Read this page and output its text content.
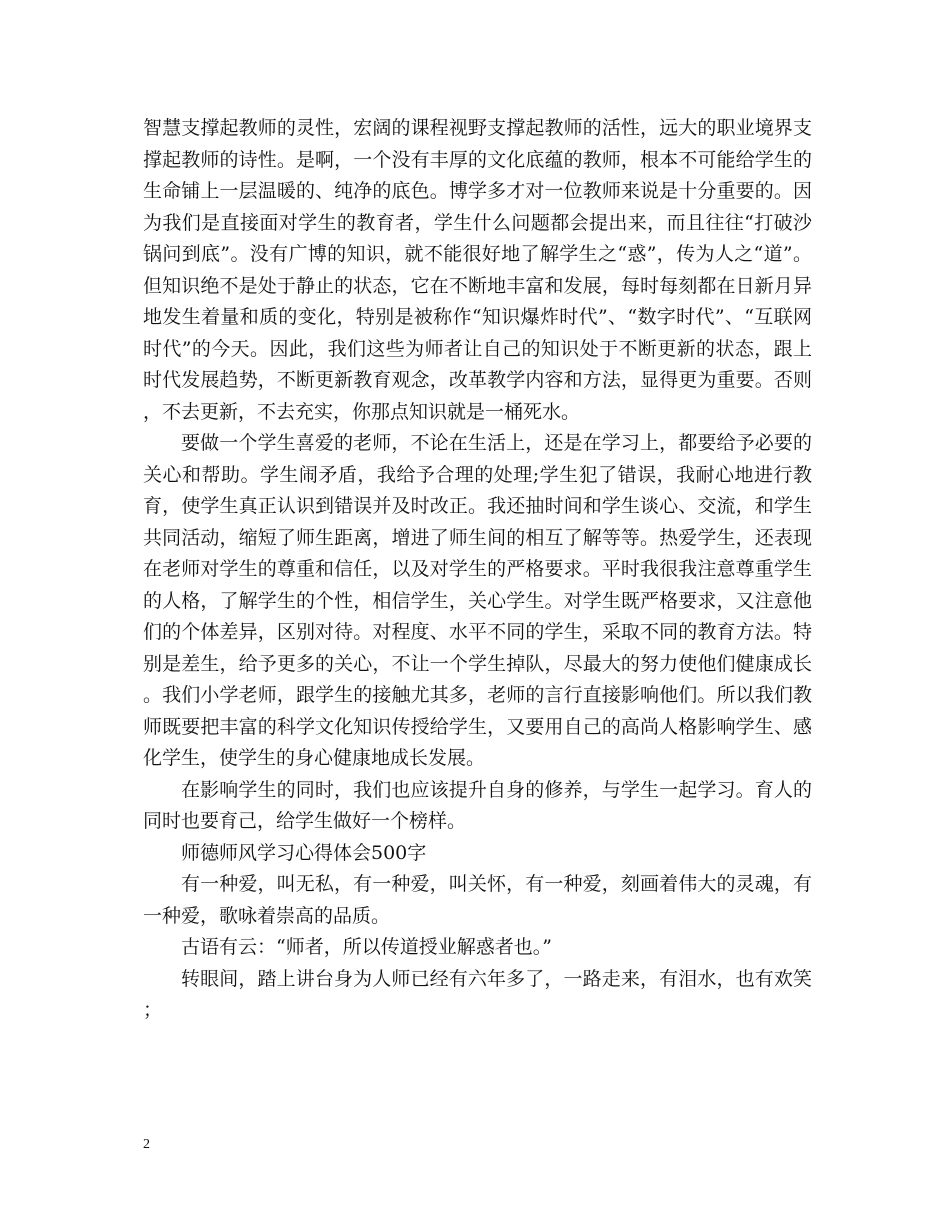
智慧支撑起教师的灵性，宏阔的课程视野支撑起教师的活性，远大的职业境界支撑起教师的诗性。是啊，一个没有丰厚的文化底蕴的教师，根本不可能给学生的生命铺上一层温暖的、纯净的底色。博学多才对一位教师来说是十分重要的。因为我们是直接面对学生的教育者，学生什么问题都会提出来，而且往往“打破沙锅问到底”。没有广博的知识，就不能很好地了解学生之“惑”，传为人之“道”。但知识绝不是处于静止的状态，它在不断地丰富和发展，每时每刻都在日新月异地发生着量和质的变化，特别是被称作“知识爆炸时代”、“数字时代”、“互联网时代”的今天。因此，我们这些为师者让自己的知识处于不断更新的状态，跟上时代发展趋势，不断更新教育观念，改革教学内容和方法，显得更为重要。否则，不去更新，不去充实，你那点知识就是一桶死水。

要做一个学生喜爱的老师，不论在生活上，还是在学习上，都要给予必要的关心和帮助。学生闹矛盾，我给予合理的处理;学生犯了错误，我耐心地进行教育，使学生真正认识到错误并及时改正。我还抽时间和学生谈心、交流，和学生共同活动，缩短了师生距离，增进了师生间的相互了解等等。热爱学生，还表现在老师对学生的尊重和信任，以及对学生的严格要求。平时我很我注意尊重学生的人格，了解学生的个性，相信学生，关心学生。对学生既严格要求，又注意他们的个体差异，区别对待。对程度、水平不同的学生，采取不同的教育方法。特别是差生，给予更多的关心，不让一个学生掉队，尽最大的努力使他们健康成长。我们小学老师，跟学生的接触尤其多，老师的言行直接影响他们。所以我们教师既要把丰富的科学文化知识传授给学生，又要用自己的高尚人格影响学生、感化学生，使学生的身心健康地成长发展。

在影响学生的同时，我们也应该提升自身的修养，与学生一起学习。育人的同时也要育己，给学生做好一个榜样。

师德师风学习心得体会500字

有一种爱，叫无私，有一种爱，叫关怀，有一种爱，刻画着伟大的灵魂，有一种爱，歌咏着崇高的品质。

古语有云：“师者，所以传道授业解惑者也。”

转眼间，踏上讲台身为人师已经有六年多了，一路走来，有泪水，也有欢笑；

2
